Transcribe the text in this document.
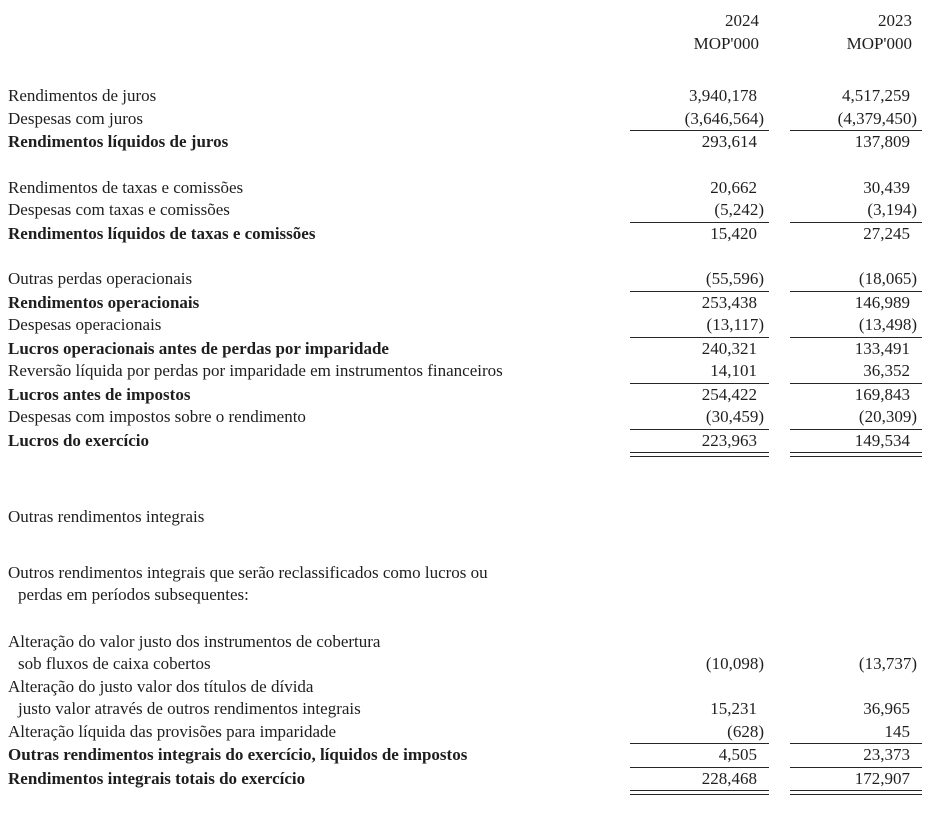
2024	2023
MOP'000	MOP'000
Rendimentos de juros	3,940,178	4,517,259
Despesas com juros	(3,646,564)	(4,379,450)
Rendimentos líquidos de juros	293,614	137,809
Rendimentos de taxas e comissões	20,662	30,439
Despesas com taxas e comissões	(5,242)	(3,194)
Rendimentos líquidos de taxas e comissões	15,420	27,245
Outras perdas operacionais	(55,596)	(18,065)
Rendimentos operacionais	253,438	146,989
Despesas operacionais	(13,117)	(13,498)
Lucros operacionais antes de perdas por imparidade	240,321	133,491
Reversão líquida por perdas por imparidade em instrumentos financeiros	14,101	36,352
Lucros antes de impostos	254,422	169,843
Despesas com impostos sobre o rendimento	(30,459)	(20,309)
Lucros do exercício	223,963	149,534
Outras rendimentos integrais
Outros rendimentos integrais que serão reclassificados como lucros ou
perdas em períodos subsequentes:
Alteração do valor justo dos instrumentos de cobertura
sob fluxos de caixa cobertos	(10,098)	(13,737)
Alteração do justo valor dos títulos de dívida
justo valor através de outros rendimentos integrais	15,231	36,965
Alteração líquida das provisões para imparidade	(628)	145
Outras rendimentos integrais do exercício, líquidos de impostos	4,505	23,373
Rendimentos integrais totais do exercício	228,468	172,907
